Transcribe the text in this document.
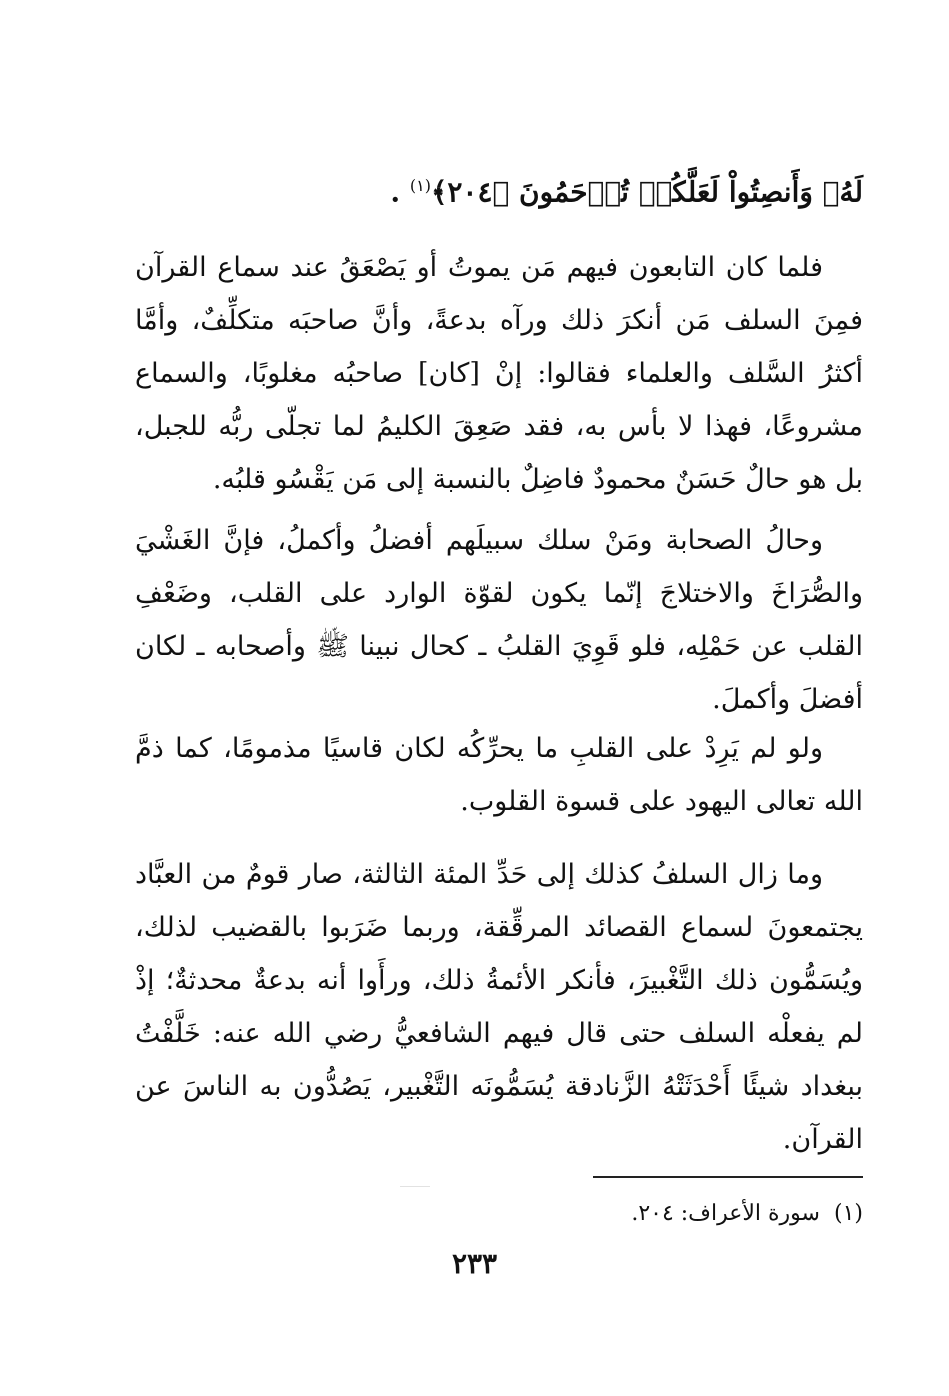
لَهُۥ وَأَنصِتُواْ لَعَلَّكُمۡ تُرۡحَمُونَ ﴿٢٠٤﴾$^{(١)}$ .

فلما كان التابعون فيهم مَن يموتُ أو يَصْعَقُ عند سماع القرآن فمِنَ السلف مَن أنكرَ ذلك ورآه بدعةً، وأنَّ صاحبَه متكلِّفٌ، وأمَّا أكثرُ السَّلف والعلماء فقالوا: إنْ [كان] صاحبُه مغلوبًا، والسماع مشروعًا، فهذا لا بأس به، فقد صَعِقَ الكليمُ لما تجلّى ربُّه للجبل، بل هو حالٌ حَسَنٌ محمودٌ فاضِلٌ بالنسبة إلى مَن يَقْسُو قلبُه.

وحالُ الصحابة ومَنْ سلك سبيلَهم أفضلُ وأكملُ، فإنَّ الغَشْيَ والصُّرَاخَ والاختلاجَ إنّما يكون لقوّة الوارد على القلب، وضَعْفِ القلب عن حَمْلِه، فلو قَوِيَ القلبُ ـ كحال نبينا ﷺ وأصحابه ـ لكان أفضلَ وأكملَ.

ولو لم يَرِدْ على القلبِ ما يحرِّكُه لكان قاسيًا مذمومًا، كما ذمَّ الله تعالى اليهود على قسوة القلوب.

وما زال السلفُ كذلك إلى حَدِّ المئة الثالثة، صار قومٌ من العبَّاد يجتمعونَ لسماع القصائد المرقِّقة، وربما ضَرَبوا بالقضيب لذلك، ويُسَمُّون ذلك التَّغْبيرَ، فأنكر الأئمةُ ذلك، ورأَوا أنه بدعةٌ محدثةٌ؛ إذْ لم يفعلْه السلف حتى قال فيهم الشافعيُّ رضي الله عنه: خَلَّفْتُ ببغداد شيئًا أَحْدَثَتْهُ الزَّنادقة يُسَمُّونَه التَّغْبير، يَصُدُّون به الناسَ عن القرآن.

(١)  سورة الأعراف: ٢٠٤.

٢٣٣
